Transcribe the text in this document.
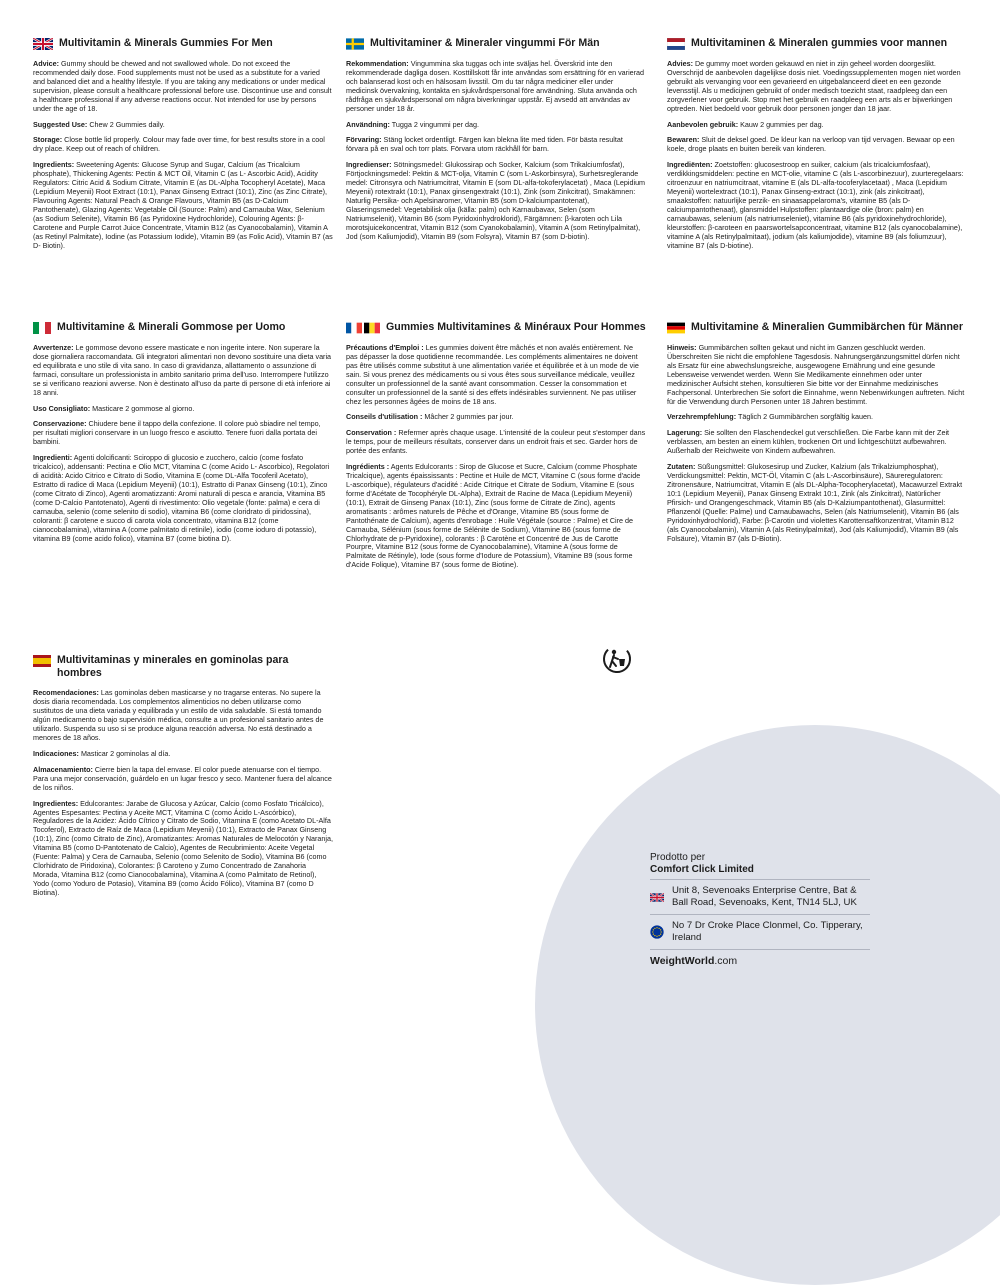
Multivitamin & Minerals Gummies For Men

Advice: Gummy should be chewed and not swallowed whole. Do not exceed the recommended daily dose. Food supplements must not be used as a substitute for a varied and balanced diet and a healthy lifestyle. If you are taking any medications or under medical supervision, please consult a healthcare professional before use. Discontinue use and consult a healthcare professional if any adverse reactions occur. Not intended for use by persons under the age of 18.

Suggested Use: Chew 2 Gummies daily.

Storage: Close bottle lid properly. Colour may fade over time, for best results store in a cool dry place. Keep out of reach of children.

Ingredients: Sweetening Agents: Glucose Syrup and Sugar, Calcium (as Tricalcium phosphate), Thickening Agents: Pectin & MCT Oil, Vitamin C (as L- Ascorbic Acid), Acidity Regulators: Citric Acid & Sodium Citrate, Vitamin E (as DL-Alpha Tocopheryl Acetate), Maca (Lepidium Meyenii) Root Extract (10:1), Panax Ginseng Extract (10:1), Zinc (as Zinc Citrate), Flavouring Agents: Natural Peach & Orange Flavours, Vitamin B5 (as D-Calcium Pantothenate), Glazing Agents: Vegetable Oil (Source: Palm) and Carnauba Wax, Selenium (as Sodium Selenite), Vitamin B6 (as Pyridoxine Hydrochloride), Colouring Agents: β-Carotene and Purple Carrot Juice Concentrate, Vitamin B12 (as Cyanocobalamin), Vitamin A (as Retinyl Palmitate), Iodine (as Potassium Iodide), Vitamin B9 (as Folic Acid), Vitamin B7 (as D- Biotin).

Multivitaminer & Mineraler vingummi För Män

Rekommendation: Vingummina ska tuggas och inte sväljas hel. Överskrid inte den rekommenderade dagliga dosen. Kosttillskott får inte användas som ersättning för en varierad och balanserad kost och en hälsosam livsstil. Om du tar några mediciner eller under medicinsk övervakning, kontakta en sjukvårdspersonal före användning. Sluta använda och rådfråga en sjukvårdspersonal om några biverkningar uppstår. Ej avsedd att användas av personer under 18 år.

Användning: Tugga 2 vingummi per dag.

Förvaring: Stäng locket ordentligt. Färgen kan blekna lite med tiden. För bästa resultat förvara på en sval och torr plats. Förvara utom räckhåll för barn.

Ingredienser: Sötningsmedel: Glukossirap och Socker, Kalcium (som Trikalciumfosfat), Förtjockningsmedel: Pektin & MCT-olja, Vitamin C (som L-Askorbinsyra), Surhetsreglerande medel: Citronsyra och Natriumcitrat, Vitamin E (som DL-alfa-tokoferylacetat) , Maca (Lepidium Meyenii) rotextrakt (10:1), Panax ginsengextrakt (10:1), Zink (som Zinkcitrat), Smakämnen: Naturlig Persika- och Apelsinaromer, Vitamin B5 (som D-kalciumpantotenat), Glaseringsmedel: Vegetabilisk olja (källa: palm) och Karnaubavax, Selen (som Natriumselenit), Vitamin B6 (som Pyridoxinhydroklorid), Färgämnen: β-karoten och Lila morotsjuicekoncentrat, Vitamin B12 (som Cyanokobalamin), Vitamin A (som Retinylpalmitat), Jod (som Kaliumjodid), Vitamin B9 (som Folsyra), Vitamin B7 (som D-biotin).

Multivitaminen & Mineralen gummies voor mannen

Advies: De gummy moet worden gekauwd en niet in zijn geheel worden doorgeslikt. Overschrijd de aanbevolen dagelijkse dosis niet. Voedingssupplementen mogen niet worden gebruikt als vervanging voor een gevarieerd en uitgebalanceerd dieet en een gezonde levensstijl. Als u medicijnen gebruikt of onder medisch toezicht staat, raadpleeg dan een zorgverlener voor gebruik. Stop met het gebruik en raadpleeg een arts als er bijwerkingen optreden. Niet bedoeld voor gebruik door personen jonger dan 18 jaar.

Aanbevolen gebruik: Kauw 2 gummies per dag.

Bewaren: Sluit de deksel goed. De kleur kan na verloop van tijd vervagen. Bewaar op een koele, droge plaats en buiten bereik van kinderen.

Ingrediënten: Zoetstoffen: glucosestroop en suiker, calcium (als tricalciumfosfaat), verdikkingsmiddelen: pectine en MCT-olie, vitamine C (als L-ascorbinezuur), zuurteregelaars: citroenzuur en natriumcitraat, vitamine E (als DL-alfa-tocoferylacetaat) , Maca (Lepidium Meyenii) wortelextract (10:1), Panax Ginseng-extract (10:1), zink (als zinkcitraat), smaakstoffen: natuurlijke perzik- en sinaasappelaroma's, vitamine B5 (als D-calciumpantothenaat), glansmiddel Hulpstoffen: plantaardige olie (bron: palm) en carnaubawas, selenium (als natriumseleniet), vitamine B6 (als pyridoxinehydrochloride), kleurstoffen: β-caroteen en paarswortelsapconcentraat, vitamine B12 (als cyanocobalamine), vitamine A (als Retinylpalmitaat), jodium (als kaliumjodide), vitamine B9 (als foliumzuur), vitamine B7 (als D-biotine).

Multivitamine & Minerali Gommose per Uomo

Avvertenze: Le gommose devono essere masticate e non ingerite intere. Non superare la dose giornaliera raccomandata. Gli integratori alimentari non devono sostituire una dieta varia ed equilibrata e uno stile di vita sano. In caso di gravidanza, allattamento o assunzione di farmaci, consultare un professionista in ambito sanitario prima dell'uso. Interrompere l'utilizzo se si verificano reazioni avverse. Non è destinato all'uso da parte di persone di età inferiore ai 18 anni.

Uso Consigliato: Masticare 2 gommose al giorno.

Conservazione: Chiudere bene il tappo della confezione. Il colore può sbiadire nel tempo, per risultati migliori conservare in un luogo fresco e asciutto. Tenere fuori dalla portata dei bambini.

Ingredienti: Agenti dolcificanti: Sciroppo di glucosio e zucchero, calcio (come fosfato tricalcico), addensanti: Pectina e Olio MCT, Vitamina C (come Acido L- Ascorbico), Regolatori di acidità: Acido Citrico e Citrato di Sodio, Vitamina E (come DL-Alfa Tocoferil Acetato), Estratto di radice di Maca (Lepidium Meyenii) (10:1), Estratto di Panax Ginseng (10:1), Zinco (come Citrato di Zinco), Agenti aromatizzanti: Aromi naturali di pesca e arancia, Vitamina B5 (come D-Calcio Pantotenato), Agenti di rivestimento: Olio vegetale (fonte: palma) e cera di carnauba, selenio (come selenito di sodio), vitamina B6 (come cloridrato di piridossina), coloranti: β carotene e succo di carota viola concentrato, vitamina B12 (come cianocobalamina), vitamina A (come palmitato di retinile), iodio (come ioduro di potassio), vitamina B9 (come acido folico), vitamina B7 (come biotina D).

Gummies Multivitamines & Minéraux Pour Hommes

Précautions d'Emploi : Les gummies doivent être mâchés et non avalés entièrement. Ne pas dépasser la dose quotidienne recommandée. Les compléments alimentaires ne doivent pas être utilisés comme substitut à une alimentation variée et équilibrée et à un mode de vie sain. Si vous prenez des médicaments ou si vous êtes sous surveillance médicale, veuillez consulter un professionnel de la santé avant consommation. Cesser la consommation et consulter un professionnel de la santé si des effets indésirables surviennent. Ne pas utiliser chez les personnes âgées de moins de 18 ans.

Conseils d'utilisation : Mâcher 2 gummies par jour.

Conservation : Refermer après chaque usage. L'intensité de la couleur peut s'estomper dans le temps, pour de meilleurs résultats, conserver dans un endroit frais et sec. Garder hors de portée des enfants.

Ingrédients : Agents Edulcorants : Sirop de Glucose et Sucre, Calcium (comme Phosphate Tricalcique), agents épaississants : Pectine et Huile de MCT, Vitamine C (sous forme d'acide L-ascorbique), régulateurs d'acidité : Acide Citrique et Citrate de Sodium, Vitamine E (sous forme d'Acétate de Tocophéryle DL-Alpha), Extrait de Racine de Maca (Lepidium Meyenii) (10:1), Extrait de Ginseng Panax (10:1), Zinc (sous forme de Citrate de Zinc), agents aromatisants : arômes naturels de Pêche et d'Orange, Vitamine B5 (sous forme de Pantothénate de Calcium), agents d'enrobage : Huile Végétale (source : Palme) et Cire de Carnauba, Sélénium (sous forme de Sélénite de Sodium), Vitamine B6 (sous forme de Chlorhydrate de p-Pyridoxine), colorants : β Carotène et Concentré de Jus de Carotte Pourpre, Vitamine B12 (sous forme de Cyanocobalamine), Vitamine A (sous forme de Palmitate de Rétinyle), Iode (sous forme d'Iodure de Potassium), Vitamine B9 (sous forme d'Acide Folique), Vitamine B7 (sous forme de Biotine).

Multivitamine & Mineralien Gummibärchen für Männer

Hinweis: Gummibärchen sollten gekaut und nicht im Ganzen geschluckt werden. Überschreiten Sie nicht die empfohlene Tagesdosis. Nahrungsergänzungsmittel dürfen nicht als Ersatz für eine abwechslungsreiche, ausgewogene Ernährung und eine gesunde Lebensweise verwendet werden. Wenn Sie Medikamente einnehmen oder unter medizinischer Aufsicht stehen, konsultieren Sie bitte vor der Einnahme medizinisches Fachpersonal. Unterbrechen Sie sofort die Einnahme, wenn Nebenwirkungen auftreten. Nicht für die Verwendung durch Personen unter 18 Jahren bestimmt.

Verzehrempfehlung: Täglich 2 Gummibärchen sorgfältig kauen.

Lagerung: Sie sollten den Flaschendeckel gut verschließen. Die Farbe kann mit der Zeit verblassen, am besten an einem kühlen, trockenen Ort und lichtgeschützt aufbewahren. Außerhalb der Reichweite von Kindern aufbewahren.

Zutaten: Süßungsmittel: Glukosesirup und Zucker, Kalzium (als Trikalziumphosphat), Verdickungsmittel: Pektin, MCT-Öl, Vitamin C (als L-Ascorbinsäure), Säureregulatoren: Zitronensäure, Natriumcitrat, Vitamin E (als DL-Alpha-Tocopherylacetat), Macawurzel Extrakt 10:1 (Lepidium Meyenii), Panax Ginseng Extrakt 10:1, Zink (als Zinkcitrat), Natürlicher Pfirsich- und Orangengeschmack, Vitamin B5 (als D-Kalziumpantothenat), Glasurmittel: Pflanzenöl (Quelle: Palme) und Carnaubawachs, Selen (als Natriumselenit), Vitamin B6 (als Pyridoxinhydrochlorid), Farbe: β-Carotin und violettes Karottensaftkonzentrat, Vitamin B12 (als Cyanocobalamin), Vitamin A (als Retinylpalmitat), Jod (als Kaliumjodid), Vitamin B9 (als Folsäure), Vitamin B7 (als D-Biotin).

Multivitaminas y minerales en gominolas para hombres

Recomendaciones: Las gominolas deben masticarse y no tragarse enteras. No supere la dosis diaria recomendada. Los complementos alimenticios no deben utilizarse como sustitutos de una dieta variada y equilibrada y un estilo de vida saludable. Si está tomando algún medicamento o bajo supervisión médica, consulte a un profesional sanitario antes de utilizarlo. Suspenda su uso si se produce alguna reacción adversa. No está destinado a menores de 18 años.

Indicaciones: Masticar 2 gominolas al día.

Almacenamiento: Cierre bien la tapa del envase. El color puede atenuarse con el tiempo. Para una mejor conservación, guárdelo en un lugar fresco y seco. Mantener fuera del alcance de los niños.

Ingredientes: Edulcorantes: Jarabe de Glucosa y Azúcar, Calcio (como Fosfato Tricálcico), Agentes Espesantes: Pectina y Aceite MCT, Vitamina C (como Ácido L-Ascórbico), Reguladores de la Acidez: Ácido Cítrico y Citrato de Sodio, Vitamina E (como Acetato DL-Alfa Tocoferol), Extracto de Raíz de Maca (Lepidium Meyenii) (10:1), Extracto de Panax Ginseng (10:1), Zinc (como Citrato de Zinc), Aromatizantes: Aromas Naturales de Melocotón y Naranja, Vitamina B5 (como D-Pantotenato de Calcio), Agentes de Recubrimiento: Aceite Vegetal (Fuente: Palma) y Cera de Carnauba, Selenio (como Selenito de Sodio), Vitamina B6 (como Clorhidrato de Piridoxina), Colorantes: β Caroteno y Zumo Concentrado de Zanahoria Morada, Vitamina B12 (como Cianocobalamina), Vitamina A (como Palmitato de Retinol), Yodo (como Yoduro de Potasio), Vitamina B9 (como Ácido Fólico), Vitamina B7 (como D Biotina).

Prodotto per
Comfort Click Limited
Unit 8, Sevenoaks Enterprise Centre, Bat & Ball Road, Sevenoaks, Kent, TN14 5LJ, UK
No 7 Dr Croke Place Clonmel, Co. Tipperary, Ireland
WeightWorld.com
